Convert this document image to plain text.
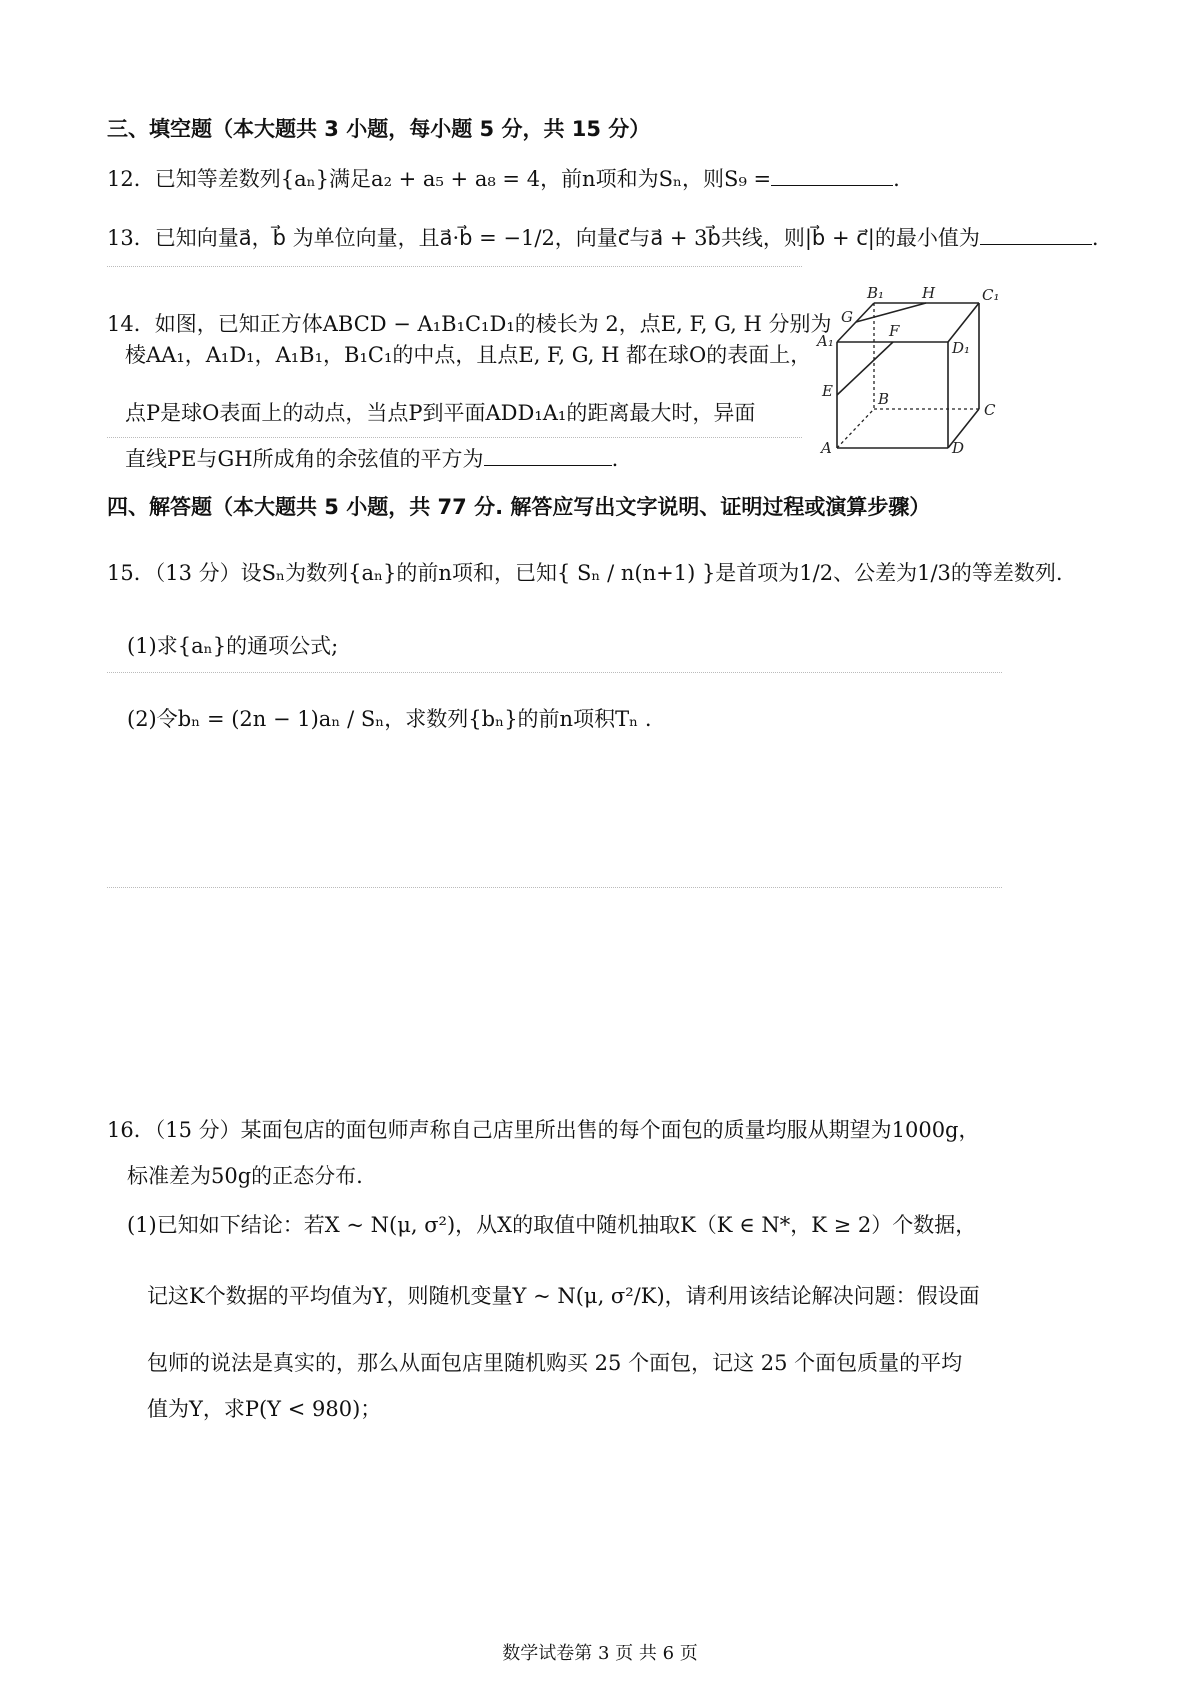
三、填空题（本大题共 3 小题，每小题 5 分，共 15 分）
12．已知等差数列{aₙ}满足a₂ + a₅ + a₈ = 4，前n项和为Sₙ，则S₉ =	.
13．已知向量a⃗，b⃗ 为单位向量，且a⃗·b⃗ = −1/2，向量c⃗与a⃗ + 3b⃗共线，则|b⃗ + c⃗|的最小值为	.
14．如图，已知正方体ABCD − A₁B₁C₁D₁的棱长为 2，点E, F, G, H 分别为
棱AA₁，A₁D₁，A₁B₁，B₁C₁的中点，且点E, F, G, H 都在球O的表面上，
点P是球O表面上的动点，当点P到平面ADD₁A₁的距离最大时，异面
直线PE与GH所成角的余弦值的平方为	.
B₁	H	C₁
G
F
A₁	D₁
E	B
C
A	D
四、解答题（本大题共 5 小题，共 77 分. 解答应写出文字说明、证明过程或演算步骤）
15．（13 分）设Sₙ为数列{aₙ}的前n项和，已知{ Sₙ / n(n+1) }是首项为1/2、公差为1/3的等差数列.
(1)求{aₙ}的通项公式;
(2)令bₙ = (2n − 1)aₙ / Sₙ，求数列{bₙ}的前n项积Tₙ .
16．（15 分）某面包店的面包师声称自己店里所出售的每个面包的质量均服从期望为1000g，
标准差为50g的正态分布.
(1)已知如下结论：若X ~ N(μ, σ²)，从X的取值中随机抽取K（K ∈ N*，K ≥ 2）个数据，
记这K个数据的平均值为Y，则随机变量Y ~ N(μ, σ²/K)，请利用该结论解决问题：假设面
包师的说法是真实的，那么从面包店里随机购买 25 个面包，记这 25 个面包质量的平均
值为Y，求P(Y < 980)；
数学试卷第 3 页 共 6 页
